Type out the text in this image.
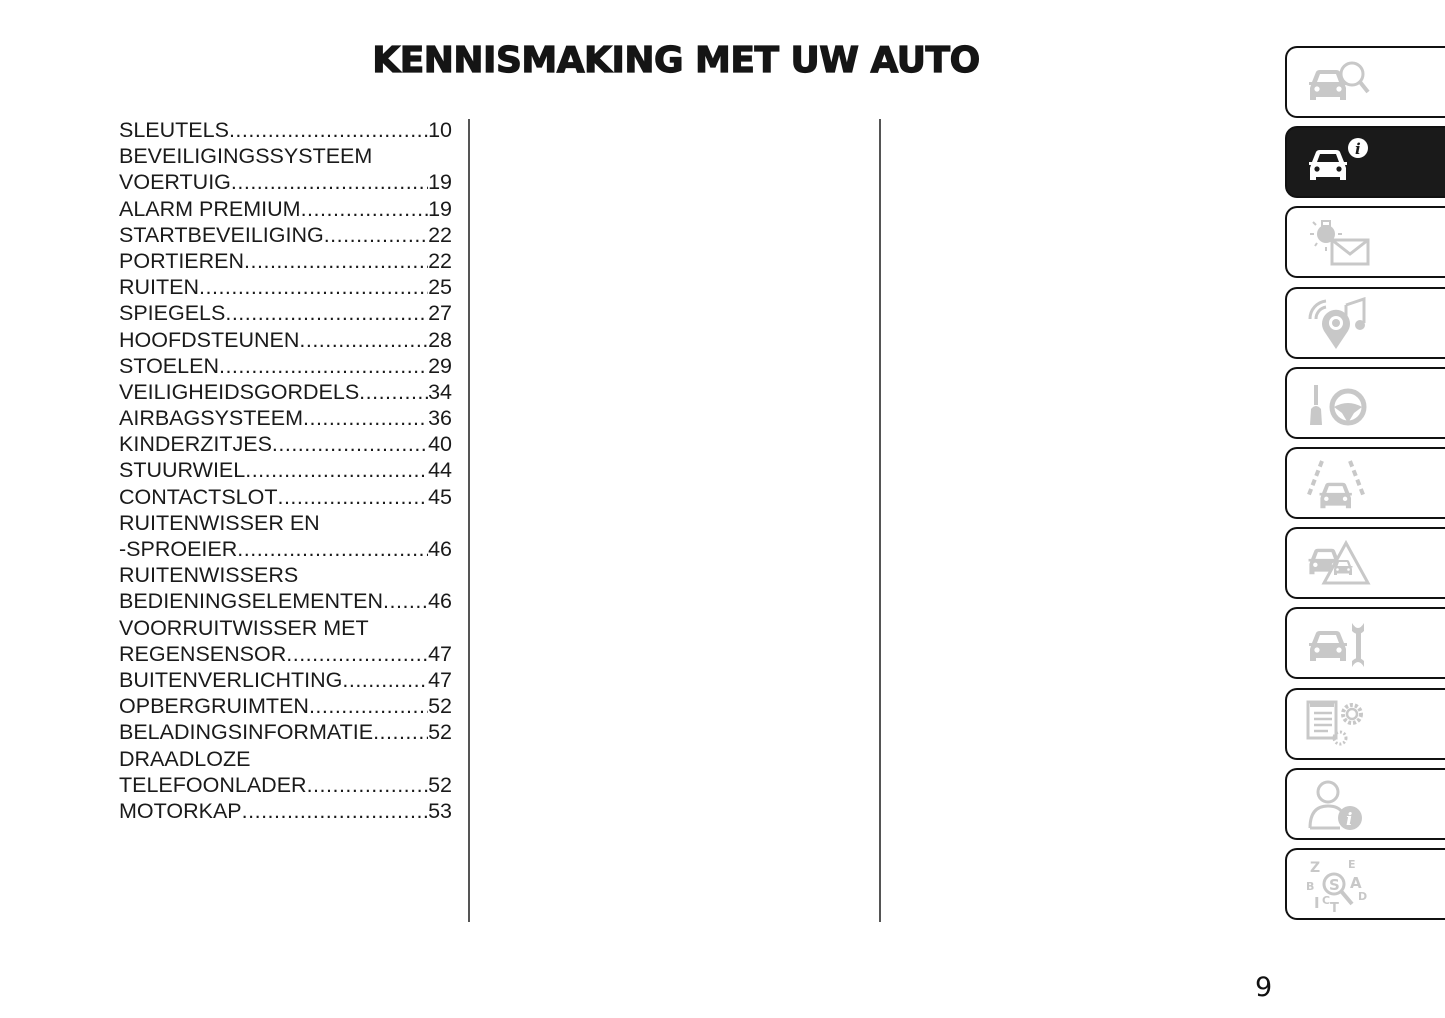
KENNISMAKING MET UW AUTO
SLEUTELS .....	10
BEVEILIGINGSSYSTEEM
VOERTUIG .....	19
ALARM PREMIUM .....	19
STARTBEVEILIGING .....	22
PORTIEREN .....	22
RUITEN .....	25
SPIEGELS .....	27
HOOFDSTEUNEN .....	28
STOELEN .....	29
VEILIGHEIDSGORDELS .....	34
AIRBAGSYSTEEM .....	36
KINDERZITJES .....	40
STUURWIEL .....	44
CONTACTSLOT .....	45
RUITENWISSER EN
-SPROEIER .....	46
RUITENWISSERS
BEDIENINGSELEMENTEN ..... 46
VOORRUITWISSER MET
REGENSENSOR .....	47
BUITENVERLICHTING .....	47
OPBERGRUIMTEN .....	52
BELADINGSINFORMATIE .....	52
DRAADLOZE
TELEFOONLADER .....	52
MOTORKAP .....	53
i
i
Z
B
I C
T
E
A
D
S
9
